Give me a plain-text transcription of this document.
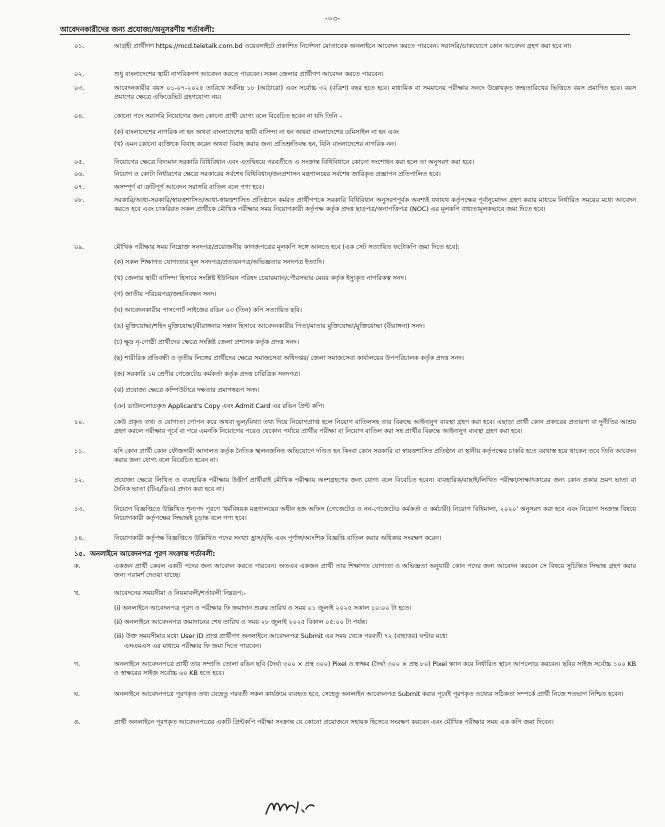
-০৩-
আবেদনকারীদের জন্য প্রযোজ্য/অনুসরণীয় শর্তাবলী:
০১.	আগ্রহী প্রার্থীগণ https://mcd.teletalk.com.bd ওয়েবসাইটে প্রকাশিত নির্দেশনা মোতাবেক অনলাইনে আবেদন করতে পারবেন। সরাসরি/ডাকযোগে কোন আবেদন গ্রহণ করা হবে না।
০২.	শুধু বাংলাদেশের স্থায়ী নাগরিকগণ আবেদন করতে পারবেন। সকল জেলার প্রার্থীগণ আবেদন করতে পারবেন।
০৩.	আবেদনকারীর বয়স ০১-০৭-২০২৫ তারিখে সর্বনিম্ন ১৮ (আঠারো) এবং সর্বোচ্চ ৩২ (বত্রিশ) বছর হতে হবে। মাধ্যমিক বা সমমানের পরীক্ষার সনদে উল্লেখকৃত জন্মতারিখের ভিত্তিতে বয়স প্রমাণিত হবে। বয়স প্রমাণের ক্ষেত্রে এফিডেভিট গ্রহণযোগ্য নয়।
০৪.	কোনো পদে সরাসরি নিয়োগের জন্য কোনো প্রার্থী যোগ্য বলে বিবেচিত হবেন না যদি তিনি -
(ক) বাংলাদেশের নাগরিক না হন অথবা বাংলাদেশের স্থায়ী বাসিন্দা না হন অথবা বাংলাদেশের ডমিসাইল না হন এবং
(খ) এমন কোনো ব্যক্তিকে বিবাহ করেন অথবা বিবাহ করার জন্য প্রতিশ্রুতিবদ্ধ হন, যিনি বাংলাদেশের নাগরিক নন।
০৫.	নিয়োগের ক্ষেত্রে বিদ্যমান সরকারি বিধিবিধান এবং এতদ্বিষয়ে পরবর্তীতে এ সংক্রান্ত বিধিবিধানে কোনো সংশোধন করা হলে তা অনুসরণ করা হবে।
০৬.	নিয়োগ ও কোটা নির্ধারণের ক্ষেত্রে সরকারের সর্বশেষ বিধিবিধান/জনপ্রশাসন মন্ত্রণালয়ের সর্বশেষ জারিকৃত প্রজ্ঞাপন প্রতিপালিত হবে।
০৭.	অসম্পূর্ণ বা ত্রুটিপূর্ণ আবেদন সরাসরি বাতিল বলে গণ্য হবে।
০৮.	সরকারি/আধা-সরকারি/স্বায়ত্তশাসিত/আধা-স্বায়ত্তশাসিত প্রতিষ্ঠানে কর্মরত প্রার্থীগণকে সরকারি বিধিবিধান অনুসরণপূর্বক অবশ্যই যথাযথ কর্তৃপক্ষের পূর্বানুমোদন গ্রহণ করার মাধ্যমে নির্ধারিত সময়ের মধ্যে আবেদন করতে হবে এবং চাকরিরত সকল প্রার্থীকে মৌখিক পরীক্ষার সময় নিয়োগকারী কর্তৃপক্ষ কর্তৃক প্রদত্ত ছাড়পত্র/অনাপত্তিপত্র (NOC) এর মূলকপি বাধ্যতামূলকভাবে জমা দিতে হবে।
০৯.	মৌখিক পরীক্ষার সময় নিম্নোক্ত সনদপত্র/প্রয়োজনীয় কাগজপত্রের মূলকপি সঙ্গে আনতে হবে (এক সেট সত্যায়িত ফটোকপি জমা দিতে হবে):
(ক) সকল শিক্ষাগত যোগ্যতার মূল সনদপত্র/প্রত্যয়নপত্র/অভিজ্ঞতার সনদপত্র ইত্যাদি।
(খ) জেলার স্থায়ী বাসিন্দা হিসাবে সংশ্লিষ্ট ইউনিয়ন পরিষদ চেয়ারম্যান/পৌরসভার মেয়র কর্তৃক ইস্যুকৃত নাগরিকত্ব সনদ।
(গ) জাতীয় পরিচয়পত্র/জন্মনিবন্ধন সনদ।
(ঘ) আবেদনকারীর পাসপোর্ট সাইজের রঙিন ০৩ (তিন) কপি সত্যায়িত ছবি।
(ঙ) মুক্তিযোদ্ধা/শহিদ মুক্তিযোদ্ধা/বীরাঙ্গনার সন্তান হিসাবে আবেদনকারীর পিতা/মাতার মুক্তিযোদ্ধা/মুক্তিযোদ্ধা (বীরাঙ্গনা) সনদ।
(চ) ক্ষুদ্র নৃ-গোষ্ঠী প্রার্থীদের ক্ষেত্রে সংশ্লিষ্ট জেলা প্রশাসক কর্তৃক প্রদত্ত সনদ।
(ছ) শারীরিক প্রতিবন্ধী ও তৃতীয় লিঙ্গের প্রার্থীদের ক্ষেত্রে সমাজসেবা অধিদপ্তর/ জেলা সমাজসেবা কার্যালয়ের উপপরিচালক কর্তৃক প্রদত্ত সনদ।
(জ) সরকারি ১ম শ্রেণীর গেজেটেড কর্মকর্তা কর্তৃক প্রদত্ত চারিত্রিক সনদপত্র।
(ঝ) প্রযোজ্য ক্ষেত্রে কম্পিউটারে দক্ষতার প্রমাণস্বরূপ সনদ।
(ঞ) ডাউনলোডকৃত Applicant's Copy এবং Admit Card এর রঙিন প্রিন্ট কপি।
১০.	কেউ প্রকৃত তথ্য ও যোগ্যতা গোপন করে অথবা ভুল/মিথ্যা তথ্য দিয়ে নিয়োগপ্রাপ্ত হলে নিয়োগ বাতিলসহ তার বিরুদ্ধে আইনানুগ ব্যবস্থা গ্রহণ করা হবে। এছাড়া প্রার্থী কোন প্রকারের প্রতারণা বা দুর্নীতির আশ্রয় গ্রহণ করলে পরীক্ষার পূর্বে বা পরে এমনকি নিয়োগের পরেও যেকোন পর্যায়ে প্রার্থীর পরীক্ষা বা নিয়োগ বাতিল করা সহ প্রার্থীর বিরুদ্ধে আইনানুগ ব্যবস্থা গ্রহণ করা হবে।
১১.	যদি কোন প্রার্থী কোন ফৌজদারী আদালত কর্তৃক নৈতিক স্খলনজনিত অভিযোগে দণ্ডিত হন কিংবা কোন সরকারি বা স্বায়ত্তশাসিত প্রতিষ্ঠান বা স্থানীয় কর্তৃপক্ষের চাকরি হতে বরখাস্ত হয়ে থাকেন তবে তিনি আবেদন করার জন্য যোগ্য বলে বিবেচিত হবেন না।
১২.	প্রযোজ্য ক্ষেত্রে লিখিত ও ব্যবহারিক পরীক্ষায় উত্তীর্ণ প্রার্থীরাই মৌখিক পরীক্ষায় অংশগ্রহণের জন্য যোগ্য বলে বিবেচিত হবেন। ব্যবহারিক/বাছাই/লিখিত পরীক্ষা/সাক্ষাৎকারের জন্য কোন প্রকার ভ্রমণ ভাতা বা দৈনিক ভাতা (টিএ/ডিএ) প্রদান করা হবে না।
১৩.	নিয়োগ বিজ্ঞপ্তিতে উল্লিখিত শূন্যপদ পূরণে 'ধর্মবিষয়ক মন্ত্রণালয়ের অধীন হজ অফিস (গেজেটেড ও নন-গেজেটেড কর্মকর্তা ও কর্মচারী) নিয়োগ বিধিমালা, ২০২০' অনুসরণ করা হবে এবং নিয়োগ সংক্রান্ত বিষয়ে নিয়োগকারী কর্তৃপক্ষের সিদ্ধান্তই চূড়ান্ত বলে গণ্য হবে।
১৪.	নিয়োগকারী কর্তৃপক্ষ বিজ্ঞপ্তিতে উল্লিখিত পদের সংখ্যা হ্রাস/বৃদ্ধি এবং পূর্ণাঙ্গ/আংশিক বিজ্ঞপ্তি বাতিল করার অধিকার সংরক্ষণ করেন।
১৫. অনলাইনে আবেদনপত্র পূরণ সংক্রান্ত শর্তাবলী:
ক.	একজন প্রার্থী কেবল একটি পদের জন্য আবেদন করতে পারবেন। অতএব একজন প্রার্থী তার শিক্ষাগত যোগ্যতা ও অভিজ্ঞতা অনুযায়ী কোন পদের জন্য আবেদন করবেন সে বিষয়ে সুচিন্তিত সিদ্ধান্ত গ্রহণ করার জন্য পরামর্শ দেওয়া যাচ্ছে।
খ.	আবেদনের সময়সীমা ও নিয়মাবলী/শর্তাবলী নিম্নরূপ:-
(i) অনলাইনে আবেদনপত্র পূরণ ও পরীক্ষার ফি জমাদান শুরুর তারিখ ও সময় ০১ জুলাই ২০২৫ সকাল ১০:০০ টা হতে।
(ii) অনলাইনে আবেদনপত্র জমাদানের শেষ তারিখ ও সময় ২৮ জুলাই ২০২৫ বিকাল ০৫:০০ টা পর্যন্ত।
(iii) উক্ত সময়সীমার মধ্যে User ID প্রাপ্ত প্রার্থীগণ অনলাইনে আবেদনপত্র Submit এর সময় থেকে পরবর্তী ৭২ (বাহাত্তর) ঘণ্টার মধ্যে
এসএমএস এর মাধ্যমে পরীক্ষার ফি জমা দিতে পারবেন।
গ.	অনলাইনে আবেদনপত্রে প্রার্থী তার সম্প্রতি তোলা রঙিন ছবি (দৈর্ঘ্য ৩০০ × প্রস্থ ৩০০) Pixel ও স্বাক্ষর (দৈর্ঘ্য ৩০০ × প্রস্থ ৮০) Pixel স্ক্যান করে নির্ধারিত স্থানে আপলোড করবেন। ছবির সাইজ সর্বোচ্চ ১০০ KB ও স্বাক্ষরের সাইজ সর্বোচ্চ ৬০ KB হতে হবে।
ঘ.	অনলাইনে আবেদনপত্রে পূরণকৃত তথ্য যেহেতু পরবর্তী সকল কার্যক্রমে ব্যবহৃত হবে, সেহেতু অনলাইন আবেদনপত্র Submit করার পূর্বেই পূরণকৃত তথ্যের সঠিকতা সম্পর্কে প্রার্থী নিজে শতভাগ নিশ্চিত হবেন।
ঙ.	প্রার্থী অনলাইনে পূরণকৃত আবেদনপত্রের একটি প্রিন্টকপি পরীক্ষা সংক্রান্ত যে কোনো প্রয়োজনে সহায়ক হিসেবে সংরক্ষণ করবেন এবং মৌখিক পরীক্ষার সময় এক কপি জমা দিবেন।
